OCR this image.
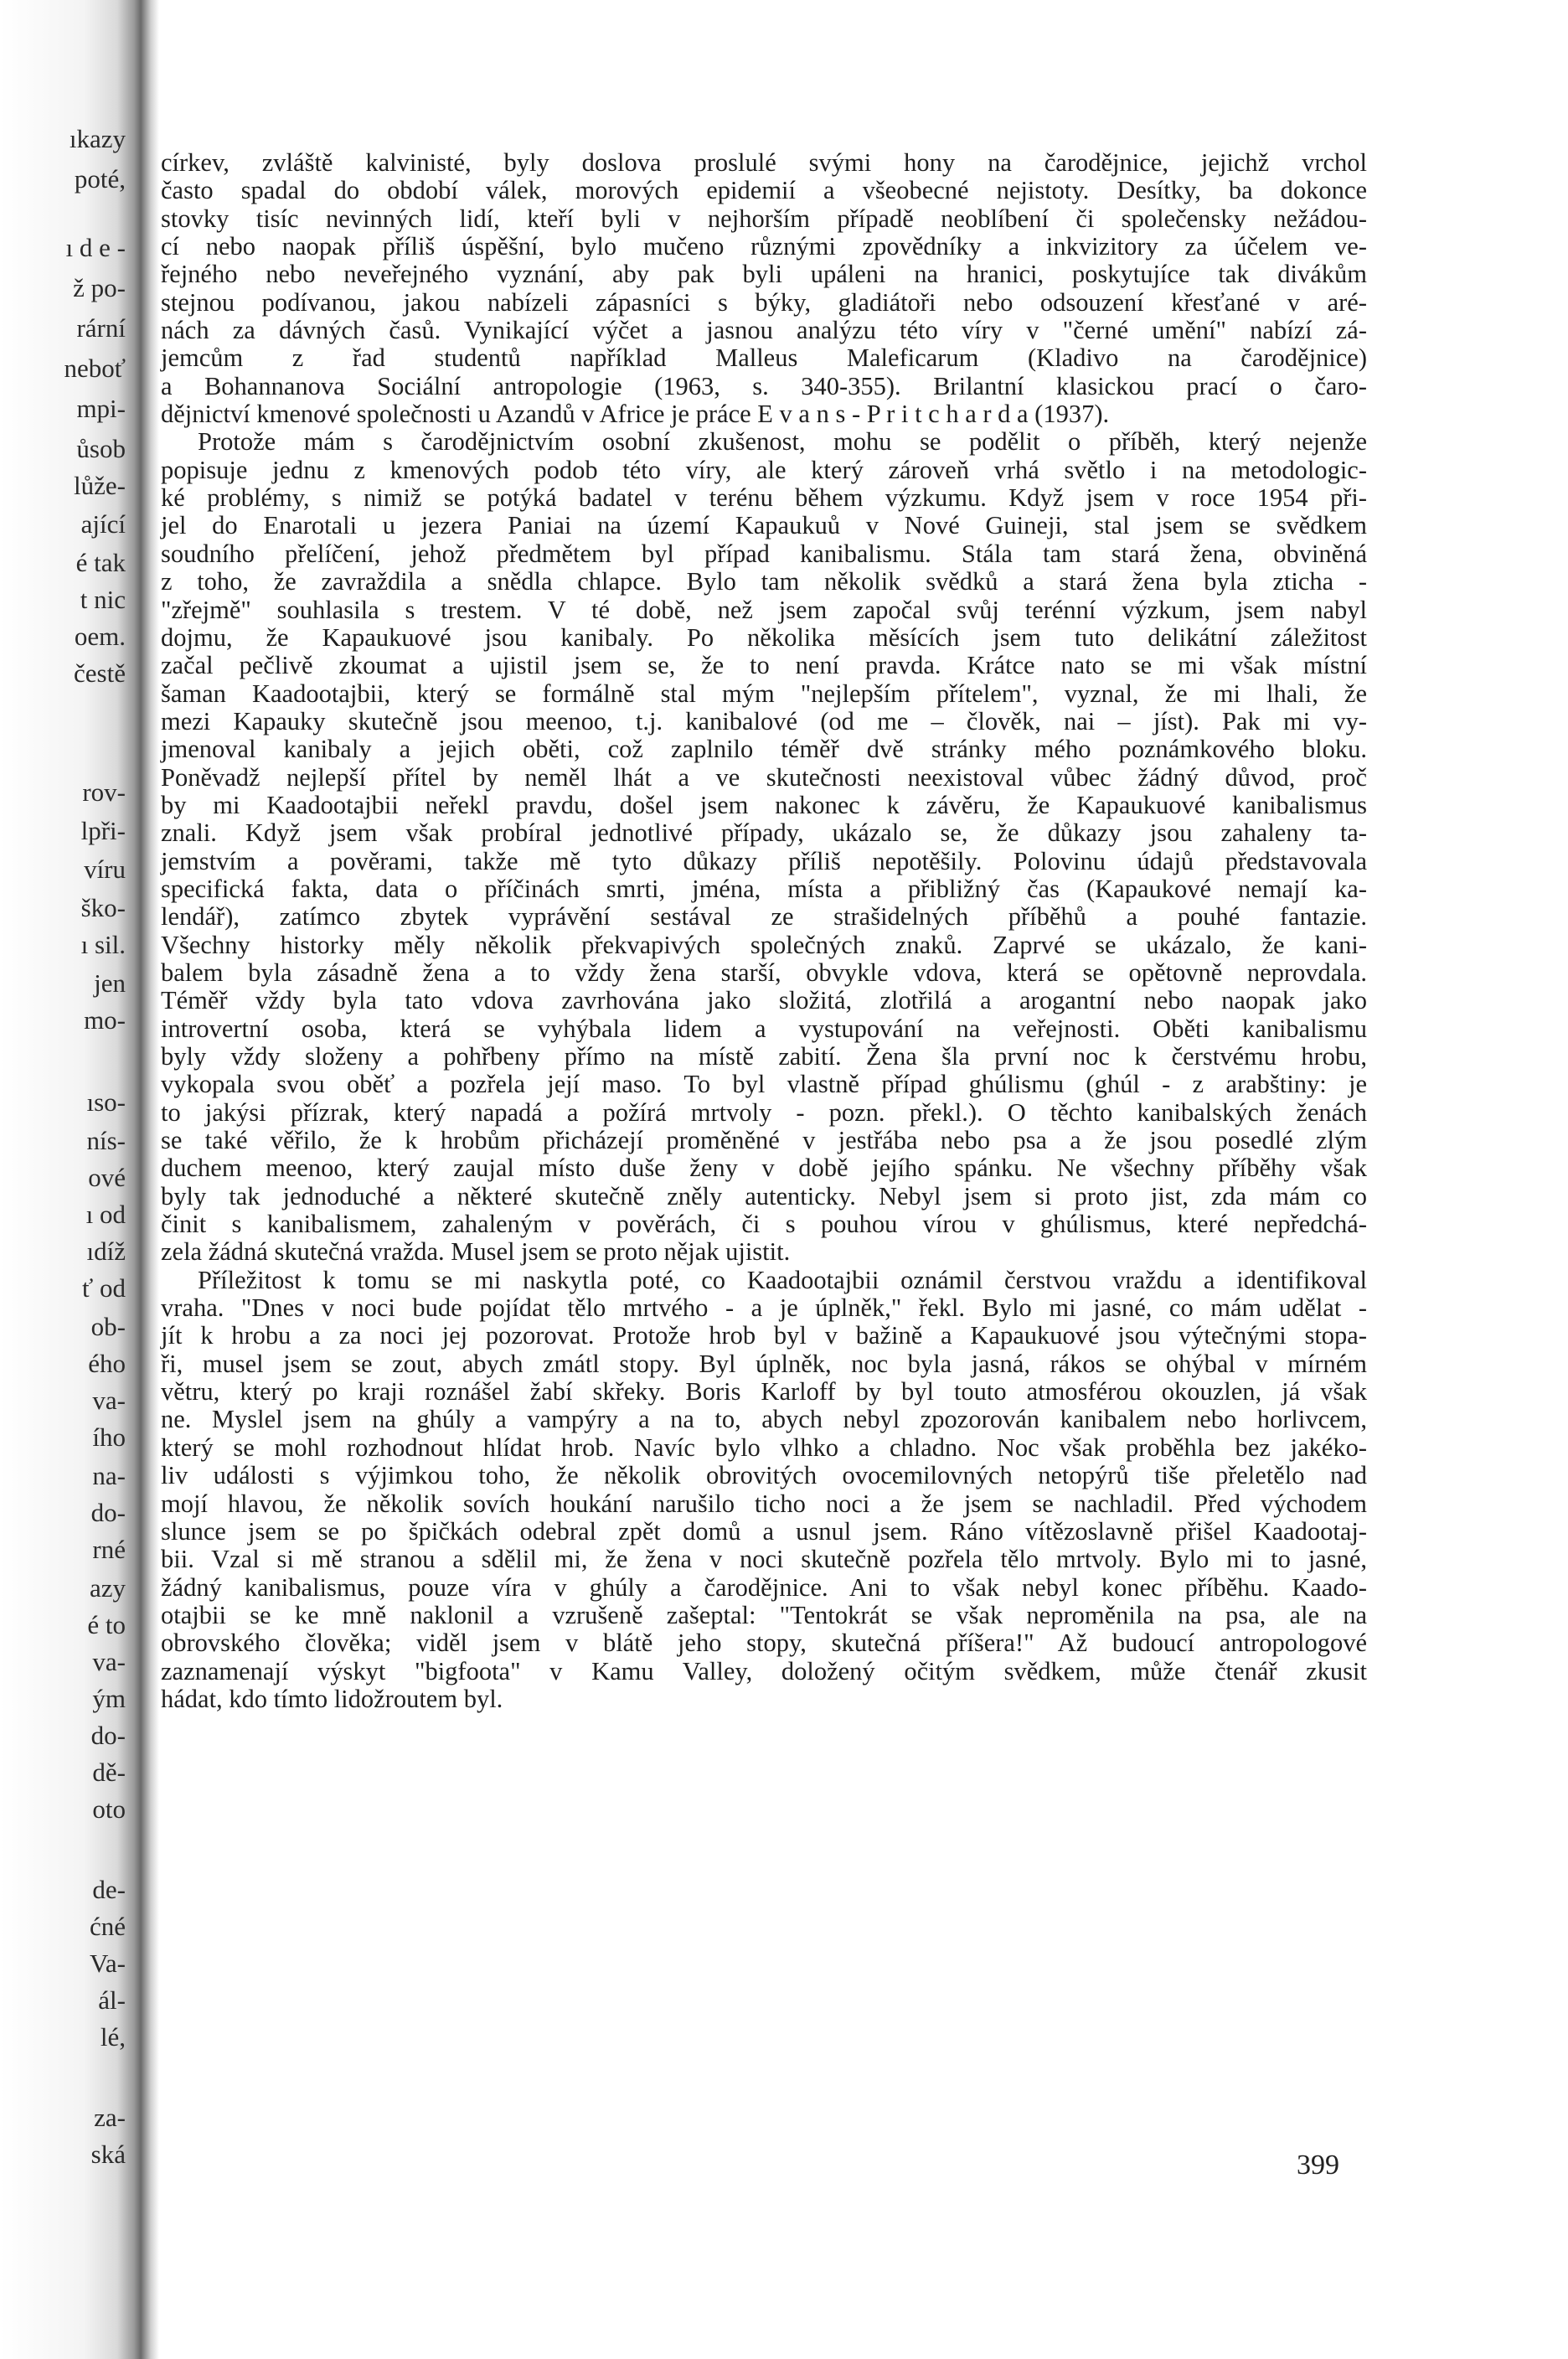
ıkazy
poté,
ı d e -
ž po-
rární
neboť
mpi-
ůsob
lůže-
ající
é tak
t nic
oem.
čestě
rov-
lpři-
víru
ško-
ı sil.
jen
mo-
ıso-
nís-
ové
ı od
ıdíž
ť od
ob-
ého
va-
ího
na-
do-
rné
azy
é to
va-
ým
do-
dě-
oto
de-
ćné
Va-
ál-
lé,
za-
ská
církev, zvláště kalvinisté, byly doslova proslulé svými hony na čarodějnice, jejichž vrchol
často spadal do období válek, morových epidemií a všeobecné nejistoty. Desítky, ba dokonce
stovky tisíc nevinných lidí, kteří byli v nejhorším případě neoblíbení či společensky nežádou-
cí nebo naopak příliš úspěšní, bylo mučeno různými zpovědníky a inkvizitory za účelem ve-
řejného nebo neveřejného vyznání, aby pak byli upáleni na hranici, poskytujíce tak divákům
stejnou podívanou, jakou nabízeli zápasníci s býky, gladiátoři nebo odsouzení křesťané v aré-
nách za dávných časů. Vynikající výčet a jasnou analýzu této víry v "černé umění" nabízí zá-
jemcům z řad studentů například Malleus Maleficarum (Kladivo na čarodějnice)
a Bohannanova Sociální antropologie (1963, s. 340-355). Brilantní klasickou prací o čaro-
dějnictví kmenové společnosti u Azandů v Africe je práce E v a n s - P r i t c h a r d a (1937).
Protože mám s čarodějnictvím osobní zkušenost, mohu se podělit o příběh, který nejenže
popisuje jednu z kmenových podob této víry, ale který zároveň vrhá světlo i na metodologic-
ké problémy, s nimiž se potýká badatel v terénu během výzkumu. Když jsem v roce 1954 při-
jel do Enarotali u jezera Paniai na území Kapaukuů v Nové Guineji, stal jsem se svědkem
soudního přelíčení, jehož předmětem byl případ kanibalismu. Stála tam stará žena, obviněná
z toho, že zavraždila a snědla chlapce. Bylo tam několik svědků a stará žena byla zticha -
"zřejmě" souhlasila s trestem. V té době, než jsem započal svůj terénní výzkum, jsem nabyl
dojmu, že Kapaukuové jsou kanibaly. Po několika měsících jsem tuto delikátní záležitost
začal pečlivě zkoumat a ujistil jsem se, že to není pravda. Krátce nato se mi však místní
šaman Kaadootajbii, který se formálně stal mým "nejlepším přítelem", vyznal, že mi lhali, že
mezi Kapauky skutečně jsou meenoo, t.j. kanibalové (od me – člověk, nai – jíst). Pak mi vy-
jmenoval kanibaly a jejich oběti, což zaplnilo téměř dvě stránky mého poznámkového bloku.
Poněvadž nejlepší přítel by neměl lhát a ve skutečnosti neexistoval vůbec žádný důvod, proč
by mi Kaadootajbii neřekl pravdu, došel jsem nakonec k závěru, že Kapaukuové kanibalismus
znali. Když jsem však probíral jednotlivé případy, ukázalo se, že důkazy jsou zahaleny ta-
jemstvím a pověrami, takže mě tyto důkazy příliš nepotěšily. Polovinu údajů představovala
specifická fakta, data o příčinách smrti, jména, místa a přibližný čas (Kapaukové nemají ka-
lendář), zatímco zbytek vyprávění sestával ze strašidelných příběhů a pouhé fantazie.
Všechny historky měly několik překvapivých společných znaků. Zaprvé se ukázalo, že kani-
balem byla zásadně žena a to vždy žena starší, obvykle vdova, která se opětovně neprovdala.
Téměř vždy byla tato vdova zavrhována jako složitá, zlotřilá a arogantní nebo naopak jako
introvertní osoba, která se vyhýbala lidem a vystupování na veřejnosti. Oběti kanibalismu
byly vždy složeny a pohřbeny přímo na místě zabití. Žena šla první noc k čerstvému hrobu,
vykopala svou oběť a pozřela její maso. To byl vlastně případ ghúlismu (ghúl - z arabštiny: je
to jakýsi přízrak, který napadá a požírá mrtvoly - pozn. překl.). O těchto kanibalských ženách
se také věřilo, že k hrobům přicházejí proměněné v jestřába nebo psa a že jsou posedlé zlým
duchem meenoo, který zaujal místo duše ženy v době jejího spánku. Ne všechny příběhy však
byly tak jednoduché a některé skutečně zněly autenticky. Nebyl jsem si proto jist, zda mám co
činit s kanibalismem, zahaleným v pověrách, či s pouhou vírou v ghúlismus, které nepředchá-
zela žádná skutečná vražda. Musel jsem se proto nějak ujistit.
Příležitost k tomu se mi naskytla poté, co Kaadootajbii oznámil čerstvou vraždu a identifikoval
vraha. "Dnes v noci bude pojídat tělo mrtvého - a je úplněk," řekl. Bylo mi jasné, co mám udělat -
jít k hrobu a za noci jej pozorovat. Protože hrob byl v bažině a Kapaukuové jsou výtečnými stopa-
ři, musel jsem se zout, abych zmátl stopy. Byl úplněk, noc byla jasná, rákos se ohýbal v mírném
větru, který po kraji roznášel žabí skřeky. Boris Karloff by byl touto atmosférou okouzlen, já však
ne. Myslel jsem na ghúly a vampýry a na to, abych nebyl zpozorován kanibalem nebo horlivcem,
který se mohl rozhodnout hlídat hrob. Navíc bylo vlhko a chladno. Noc však proběhla bez jakéko-
liv události s výjimkou toho, že několik obrovitých ovocemilovných netopýrů tiše přeletělo nad
mojí hlavou, že několik sovích houkání narušilo ticho noci a že jsem se nachladil. Před východem
slunce jsem se po špičkách odebral zpět domů a usnul jsem. Ráno vítězoslavně přišel Kaadootaj-
bii. Vzal si mě stranou a sdělil mi, že žena v noci skutečně pozřela tělo mrtvoly. Bylo mi to jasné,
žádný kanibalismus, pouze víra v ghúly a čarodějnice. Ani to však nebyl konec příběhu. Kaado-
otajbii se ke mně naklonil a vzrušeně zašeptal: "Tentokrát se však neproměnila na psa, ale na
obrovského člověka; viděl jsem v blátě jeho stopy, skutečná příšera!" Až budoucí antropologové
zaznamenají výskyt "bigfoota" v Kamu Valley, doložený očitým svědkem, může čtenář zkusit
hádat, kdo tímto lidožroutem byl.
399
